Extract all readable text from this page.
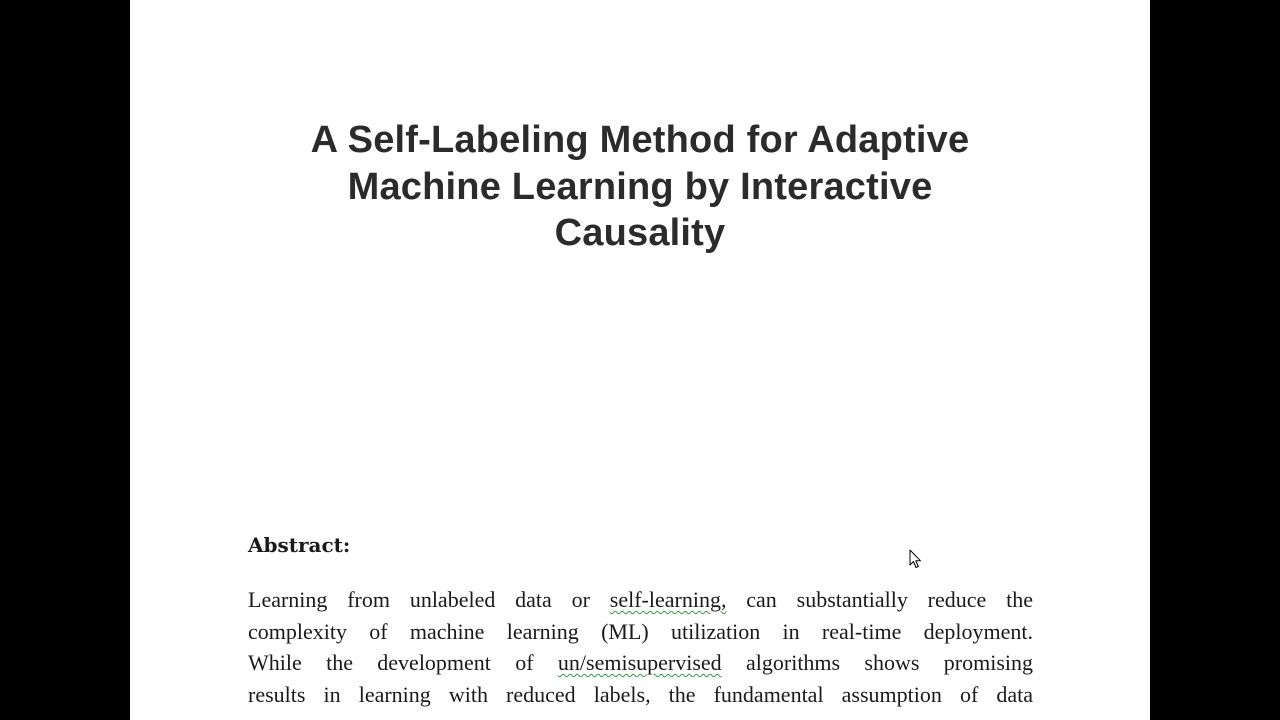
A Self-Labeling Method for Adaptive
Machine Learning by Interactive
Causality
Abstract:

Learning from unlabeled data or self-learning, can substantially reduce the
complexity of machine learning (ML) utilization in real-time deployment.
While the development of un/semisupervised algorithms shows promising
results in learning with reduced labels, the fundamental assumption of data
